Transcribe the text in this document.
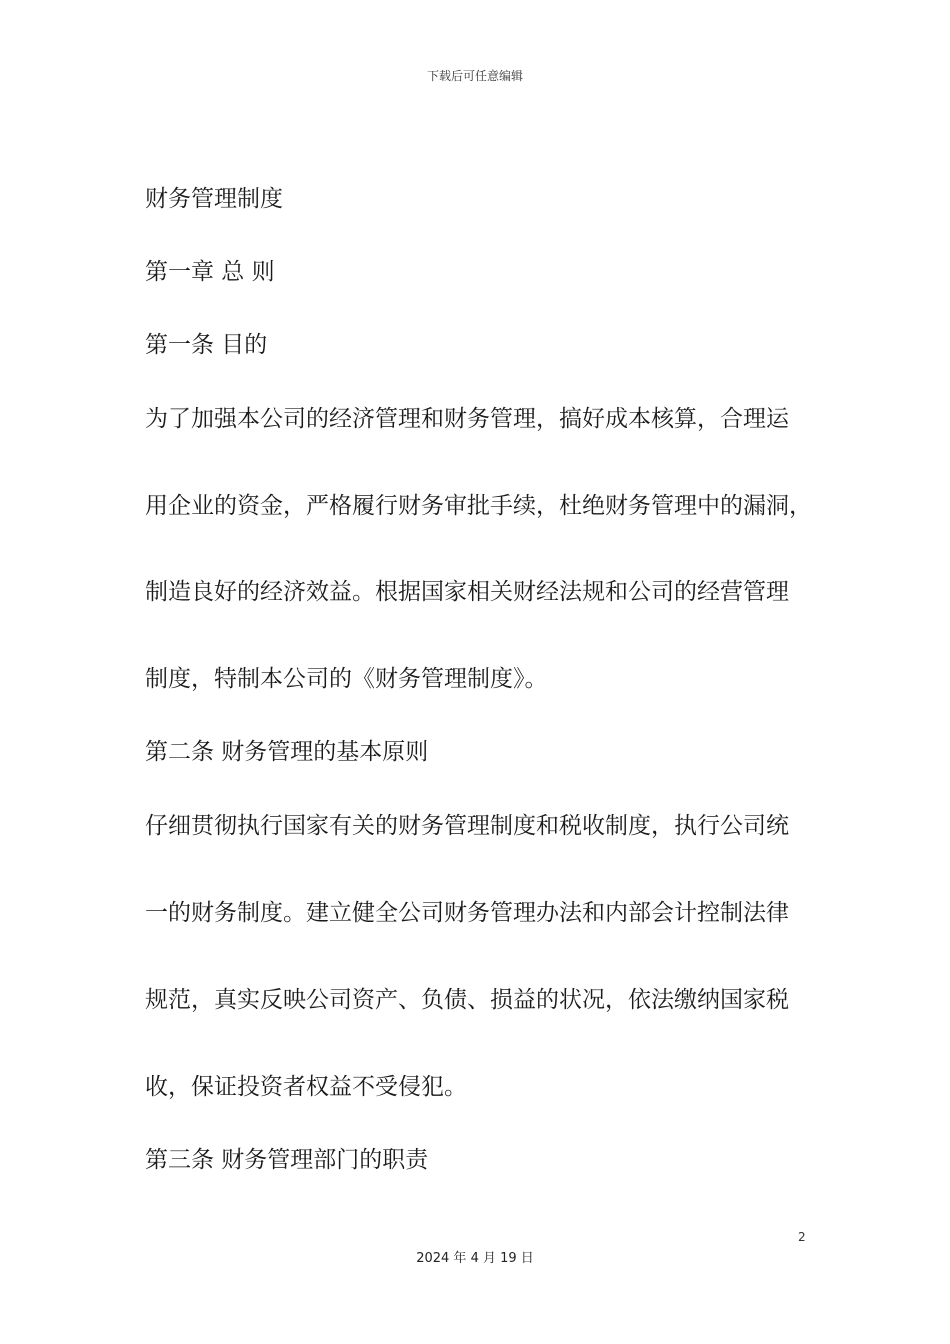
下载后可任意编辑
财务管理制度
第一章 总 则
第一条 目的
为了加强本公司的经济管理和财务管理，搞好成本核算，合理运
用企业的资金，严格履行财务审批手续，杜绝财务管理中的漏洞，
制造良好的经济效益。根据国家相关财经法规和公司的经营管理
制度，特制本公司的《财务管理制度》。
第二条 财务管理的基本原则
仔细贯彻执行国家有关的财务管理制度和税收制度，执行公司统
一的财务制度。建立健全公司财务管理办法和内部会计控制法律
规范，真实反映公司资产、负债、损益的状况，依法缴纳国家税
收，保证投资者权益不受侵犯。
第三条 财务管理部门的职责
2
2024 年 4 月 19 日
